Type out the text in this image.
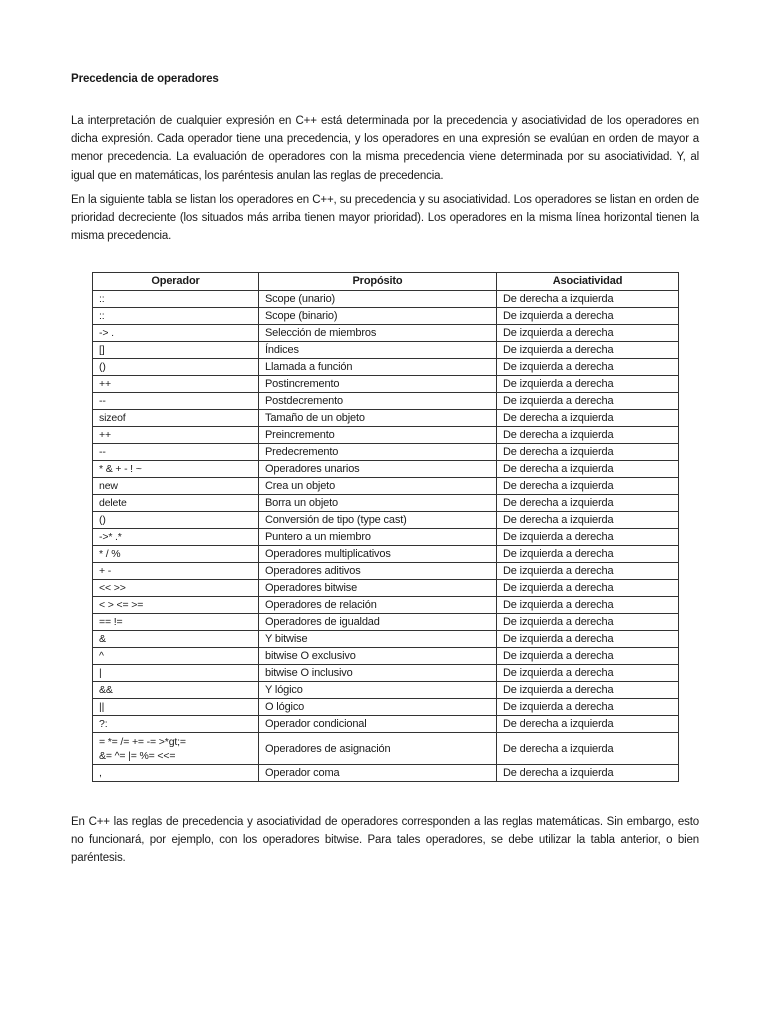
Precedencia de operadores

La interpretación de cualquier expresión en C++ está determinada por la precedencia y asociatividad de los operadores en dicha expresión. Cada operador tiene una precedencia, y los operadores en una expresión se evalúan en orden de mayor a menor precedencia. La evaluación de operadores con la misma precedencia viene determinada por su asociatividad. Y, al igual que en matemáticas, los paréntesis anulan las reglas de precedencia.

En la siguiente tabla se listan los operadores en C++, su precedencia y su asociatividad. Los operadores se listan en orden de prioridad decreciente (los situados más arriba tienen mayor prioridad). Los operadores en la misma línea horizontal tienen la misma precedencia.

Operador	Propósito	Asociatividad
::	Scope (unario)	De derecha a izquierda
::	Scope (binario)	De izquierda a derecha
-> .	Selección de miembros	De izquierda a derecha
[]	Índices	De izquierda a derecha
()	Llamada a función	De izquierda a derecha
++	Postincremento	De izquierda a derecha
--	Postdecremento	De izquierda a derecha
sizeof	Tamaño de un objeto	De derecha a izquierda
++	Preincremento	De derecha a izquierda
--	Predecremento	De derecha a izquierda
* & + - ! ~	Operadores unarios	De derecha a izquierda
new	Crea un objeto	De derecha a izquierda
delete	Borra un objeto	De derecha a izquierda
()	Conversión de tipo (type cast)	De derecha a izquierda
->* .*	Puntero a un miembro	De izquierda a derecha
* / %	Operadores multiplicativos	De izquierda a derecha
+ -	Operadores aditivos	De izquierda a derecha
<< >>	Operadores bitwise	De izquierda a derecha
< > <= >=	Operadores de relación	De izquierda a derecha
== !=	Operadores de igualdad	De izquierda a derecha
&	Y bitwise	De izquierda a derecha
^	bitwise O exclusivo	De izquierda a derecha
|	bitwise O inclusivo	De izquierda a derecha
&&	Y lógico	De izquierda a derecha
||	O lógico	De izquierda a derecha
?:	Operador condicional	De derecha a izquierda
= *= /= += -= >*gt;=
&= ^= |= %= <<=	Operadores de asignación	De derecha a izquierda
,	Operador coma	De derecha a izquierda

En C++ las reglas de precedencia y asociatividad de operadores corresponden a las reglas matemáticas. Sin embargo, esto no funcionará, por ejemplo, con los operadores bitwise. Para tales operadores, se debe utilizar la tabla anterior, o bien paréntesis.
